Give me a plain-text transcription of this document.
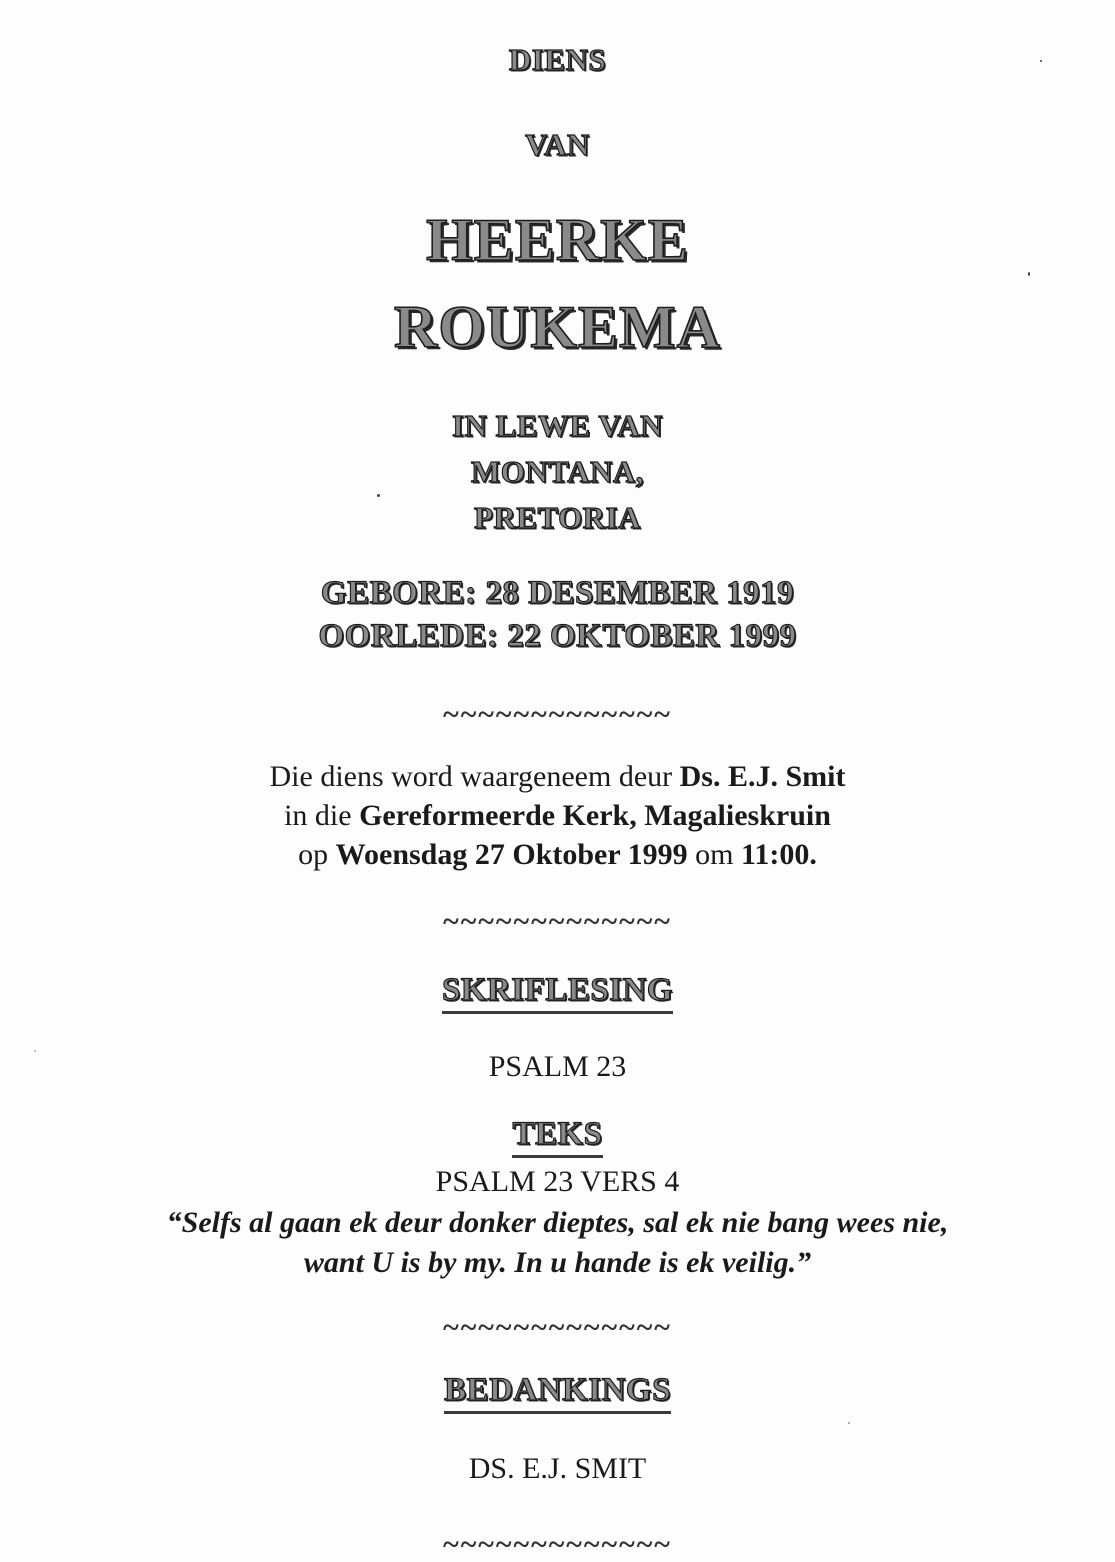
DIENS
VAN
HEERKE
ROUKEMA
IN LEWE VAN
MONTANA,
PRETORIA
GEBORE: 28 DESEMBER 1919
OORLEDE: 22 OKTOBER 1999
~~~~~~~~~~~~~
Die diens word waargeneem deur Ds. E.J. Smit
in die Gereformeerde Kerk, Magalieskruin
op Woensdag 27 Oktober 1999 om 11:00.
~~~~~~~~~~~~~
SKRIFLESING
PSALM 23
TEKS
PSALM 23 VERS 4
“Selfs al gaan ek deur donker dieptes, sal ek nie bang wees nie,
want U is by my. In u hande is ek veilig.”
~~~~~~~~~~~~~
BEDANKINGS
DS. E.J. SMIT
~~~~~~~~~~~~~
